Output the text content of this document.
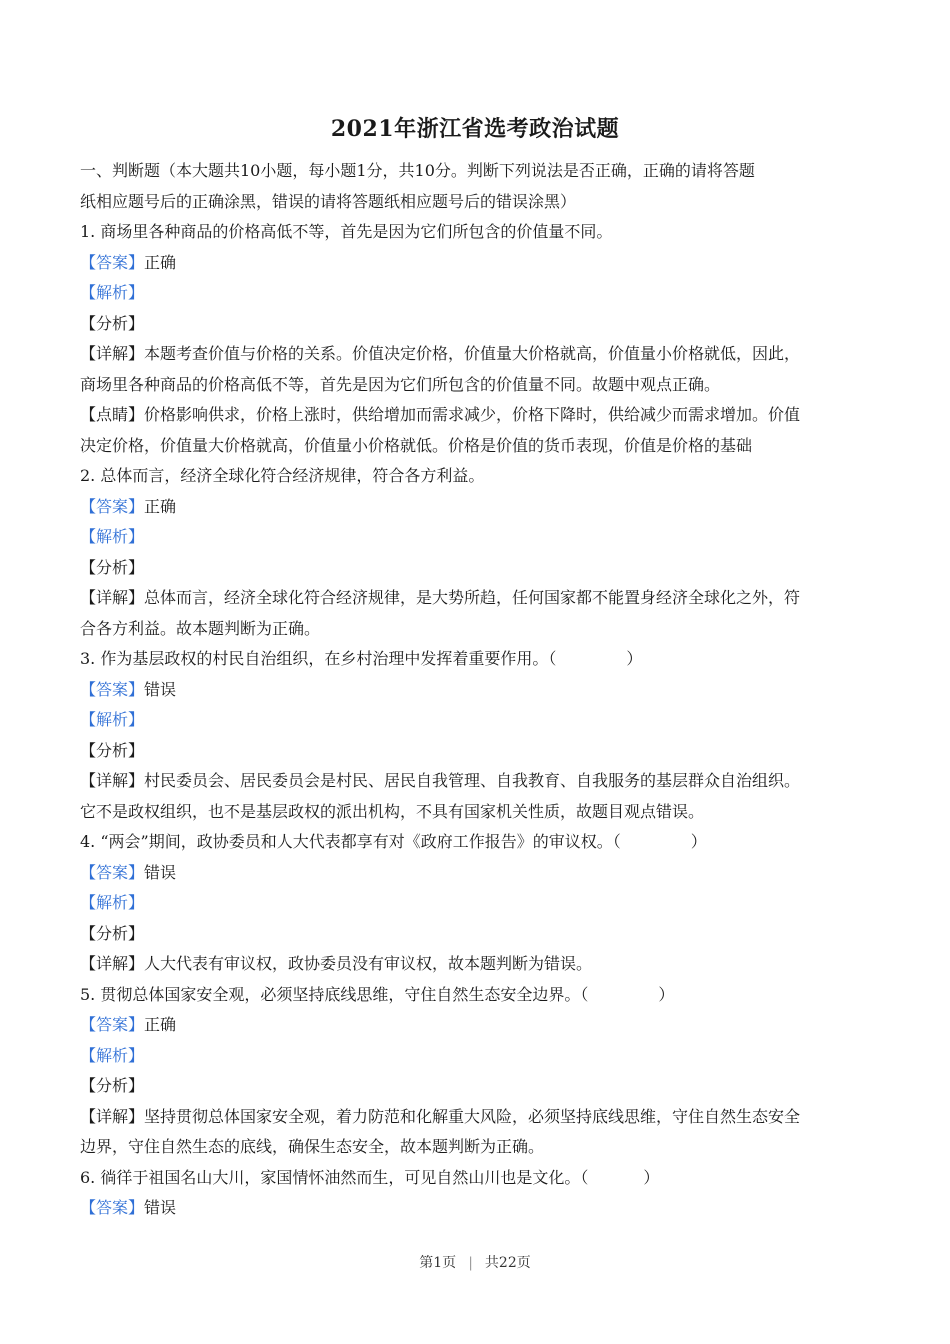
2021年浙江省选考政治试题
一、判断题（本大题共10小题，每小题1分，共10分。判断下列说法是否正确，正确的请将答题
纸相应题号后的正确涂黑，错误的请将答题纸相应题号后的错误涂黑）
1. 商场里各种商品的价格高低不等，首先是因为它们所包含的价值量不同。
【答案】正确
【解析】
【分析】
【详解】本题考查价值与价格的关系。价值决定价格，价值量大价格就高，价值量小价格就低，因此，
商场里各种商品的价格高低不等，首先是因为它们所包含的价值量不同。故题中观点正确。
【点睛】价格影响供求，价格上涨时，供给增加而需求减少，价格下降时，供给减少而需求增加。价值
决定价格，价值量大价格就高，价值量小价格就低。价格是价值的货币表现，价值是价格的基础
2. 总体而言，经济全球化符合经济规律，符合各方利益。
【答案】正确
【解析】
【分析】
【详解】总体而言，经济全球化符合经济规律，是大势所趋，任何国家都不能置身经济全球化之外，符
合各方利益。故本题判断为正确。
3. 作为基层政权的村民自治组织，在乡村治理中发挥着重要作用。（	）
【答案】错误
【解析】
【分析】
【详解】村民委员会、居民委员会是村民、居民自我管理、自我教育、自我服务的基层群众自治组织。
它不是政权组织，也不是基层政权的派出机构，不具有国家机关性质，故题目观点错误。
4. “两会”期间，政协委员和人大代表都享有对《政府工作报告》的审议权。（	）
【答案】错误
【解析】
【分析】
【详解】人大代表有审议权，政协委员没有审议权，故本题判断为错误。
5. 贯彻总体国家安全观，必须坚持底线思维，守住自然生态安全边界。（	）
【答案】正确
【解析】
【分析】
【详解】坚持贯彻总体国家安全观，着力防范和化解重大风险，必须坚持底线思维，守住自然生态安全
边界，守住自然生态的底线，确保生态安全，故本题判断为正确。
6. 徜徉于祖国名山大川，家国情怀油然而生，可见自然山川也是文化。（	）
【答案】错误
第1页 | 共22页
